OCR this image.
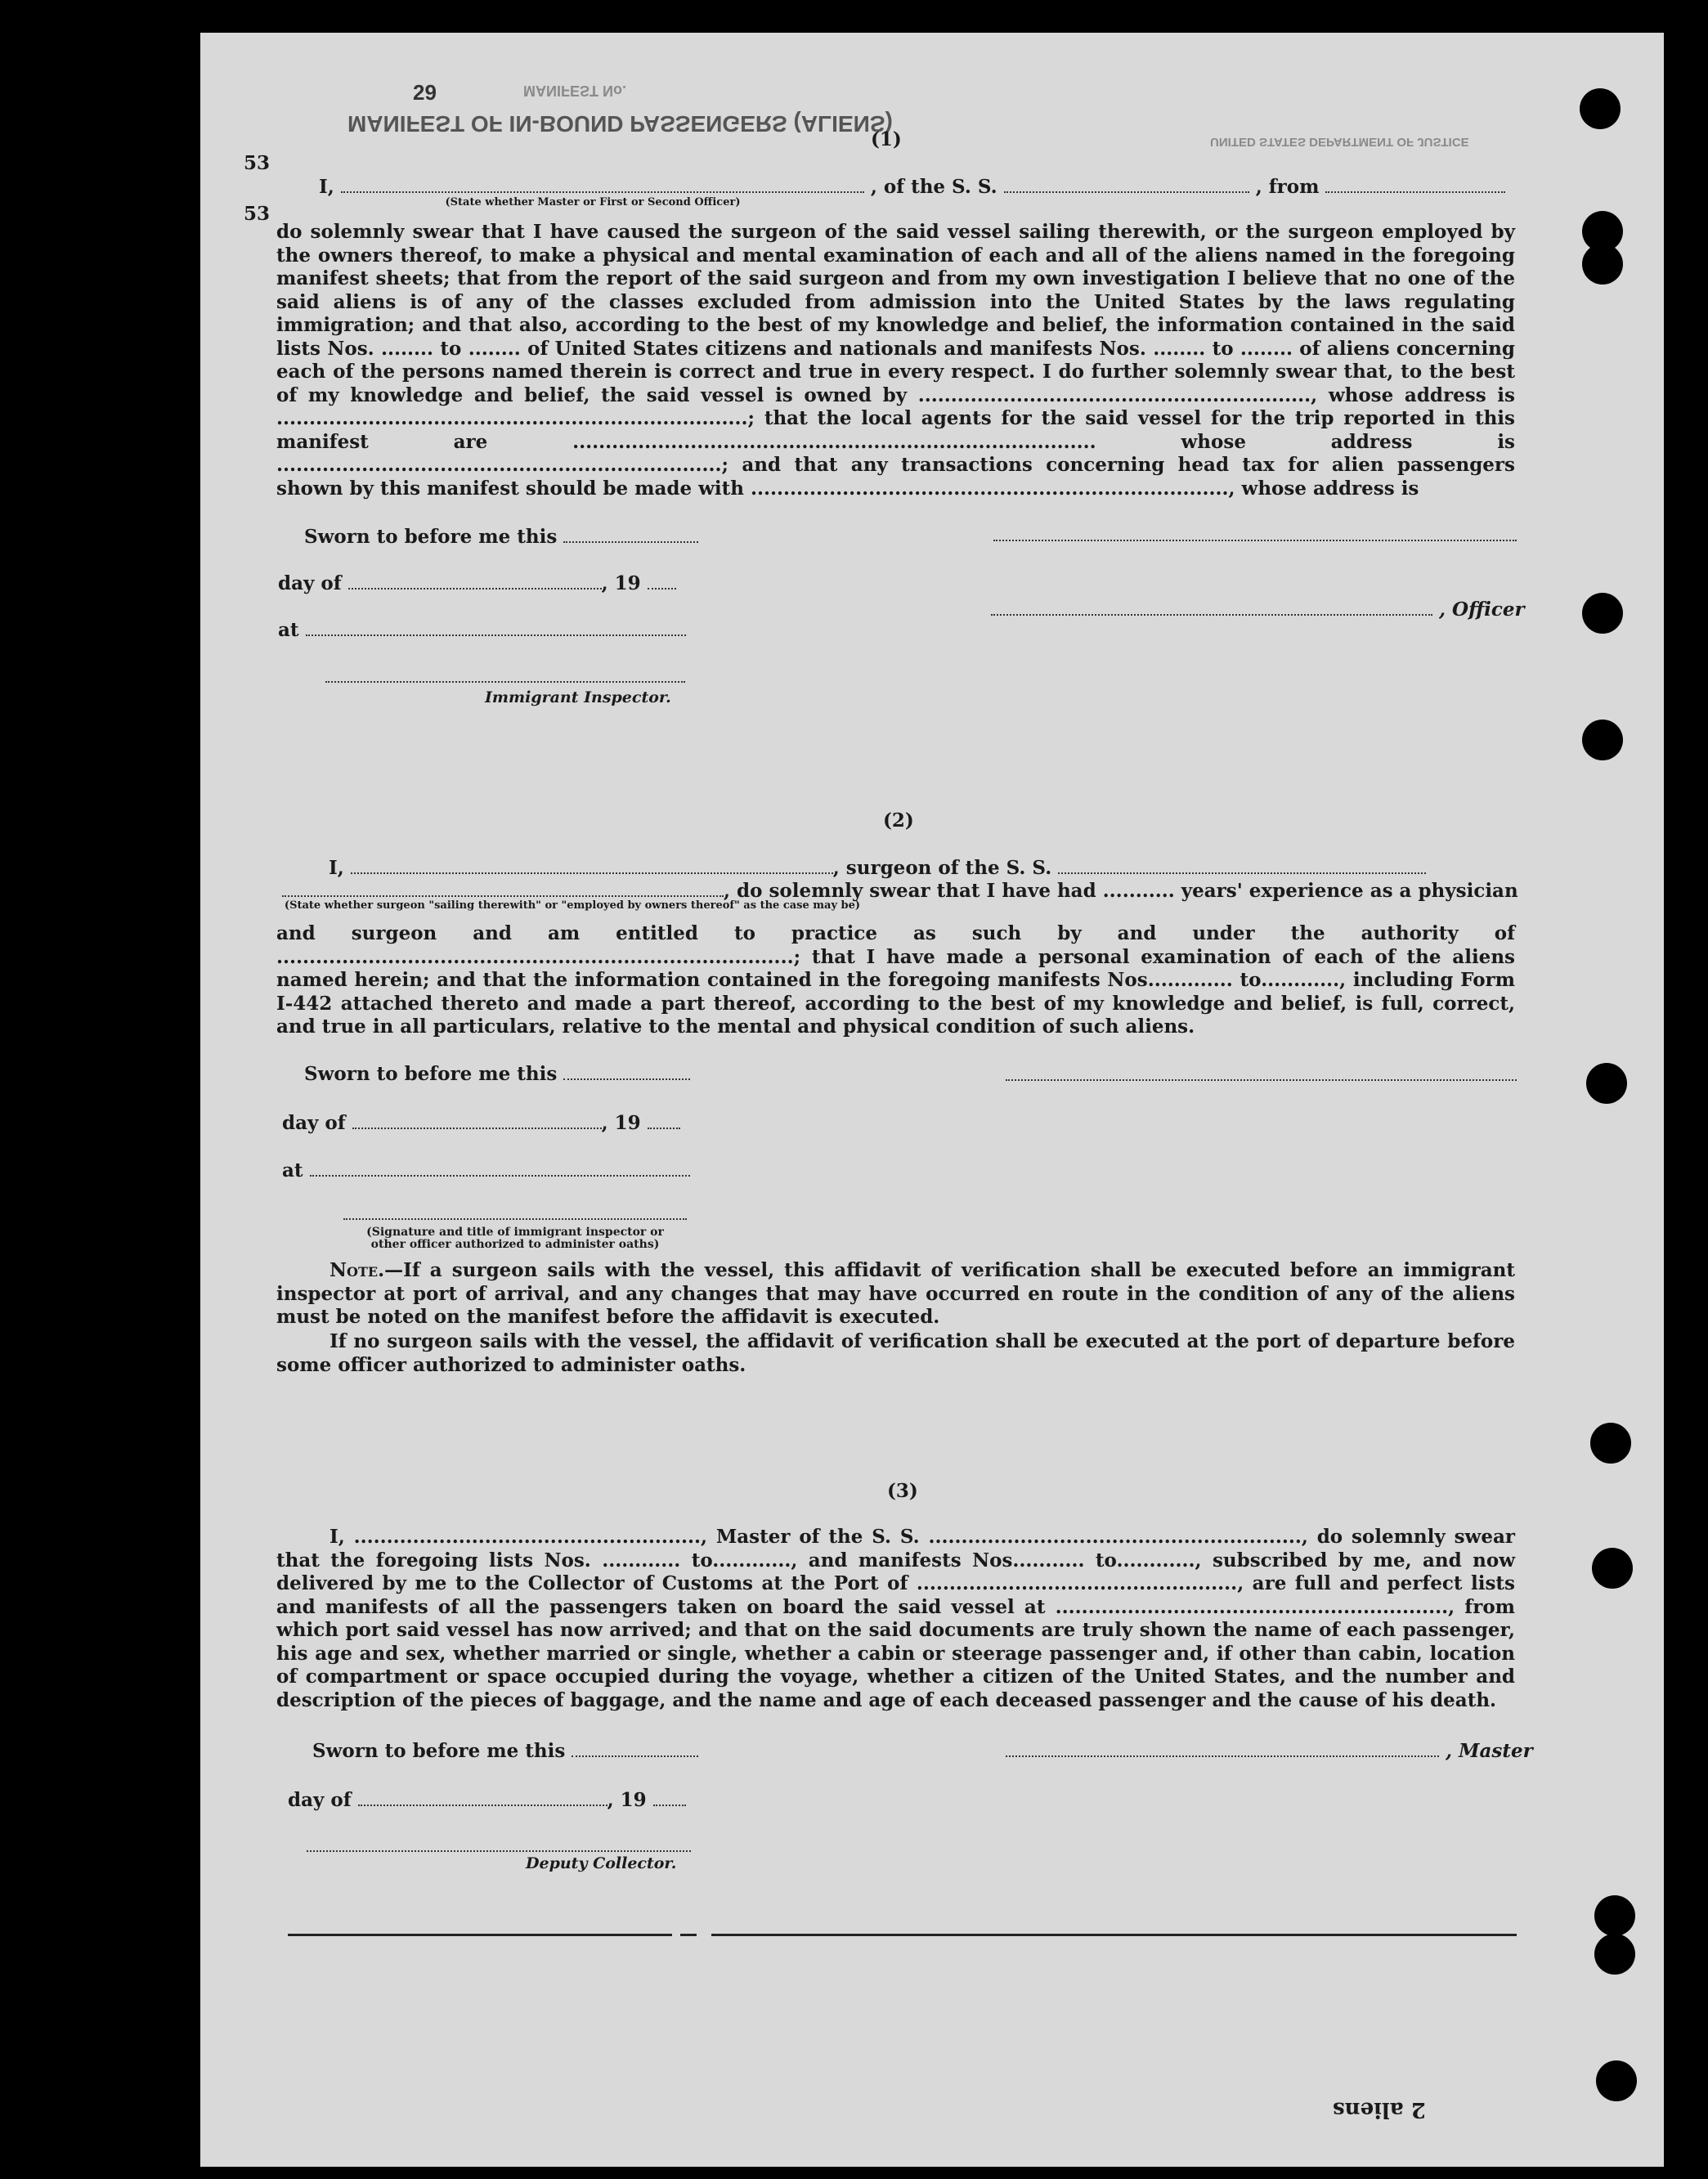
MANIFEST No.
29
MANIFEST OF IN-BOUND PASSENGERS (ALIENS)
UNITED STATES DEPARTMENT OF JUSTICE
53
53
(1)
I,	, of the S. S.	, from
(State whether Master or First or Second Officer)
do solemnly swear that I have caused the surgeon of the said vessel sailing therewith, or the surgeon employed by the owners thereof, to make a physical and mental examination of each and all of the aliens named in the foregoing manifest sheets; that from the report of the said surgeon and from my own investigation I believe that no one of the said aliens is of any of the classes excluded from admission into the United States by the laws regulating immigration; and that also, according to the best of my knowledge and belief, the information contained in the said lists Nos. ........ to ........ of United States citizens and nationals and manifests Nos. ........ to ........ of aliens concerning each of the persons named therein is correct and true in every respect. I do further solemnly swear that, to the best of my knowledge and belief, the said vessel is owned by ............................................................, whose address is ........................................................................; that the local agents for the said vessel for the trip reported in this manifest are ................................................................................ whose address is ....................................................................; and that any transactions concerning head tax for alien passengers shown by this manifest should be made with ........................................................................., whose address is
Sworn to before me this
day of	, 19
, Officer
at
Immigrant Inspector.
(2)
I,	, surgeon of the S. S.
, do solemnly swear that I have had ........... years' experience as a physician
(State whether surgeon "sailing therewith" or "employed by owners thereof" as the case may be)
and surgeon and am entitled to practice as such by and under the authority of ...............................................................................; that I have made a personal examination of each of the aliens named herein; and that the information contained in the foregoing manifests Nos............. to............, including Form I-442 attached thereto and made a part thereof, according to the best of my knowledge and belief, is full, correct, and true in all particulars, relative to the mental and physical condition of such aliens.
Sworn to before me this
day of	, 19
at
(Signature and title of immigrant inspector or other officer authorized to administer oaths)
Note.—If a surgeon sails with the vessel, this affidavit of verification shall be executed before an immigrant inspector at port of arrival, and any changes that may have occurred en route in the condition of any of the aliens must be noted on the manifest before the affidavit is executed.
If no surgeon sails with the vessel, the affidavit of verification shall be executed at the port of departure before some officer authorized to administer oaths.
(3)
I, ....................................................., Master of the S. S. ........................................................., do solemnly swear that the foregoing lists Nos. ............ to............, and manifests Nos........... to............, subscribed by me, and now delivered by me to the Collector of Customs at the Port of ................................................., are full and perfect lists and manifests of all the passengers taken on board the said vessel at ............................................................, from which port said vessel has now arrived; and that on the said documents are truly shown the name of each passenger, his age and sex, whether married or single, whether a cabin or steerage passenger and, if other than cabin, location of compartment or space occupied during the voyage, whether a citizen of the United States, and the number and description of the pieces of baggage, and the name and age of each deceased passenger and the cause of his death.
Sworn to before me this	, Master
day of	, 19
Deputy Collector.
2 aliens
